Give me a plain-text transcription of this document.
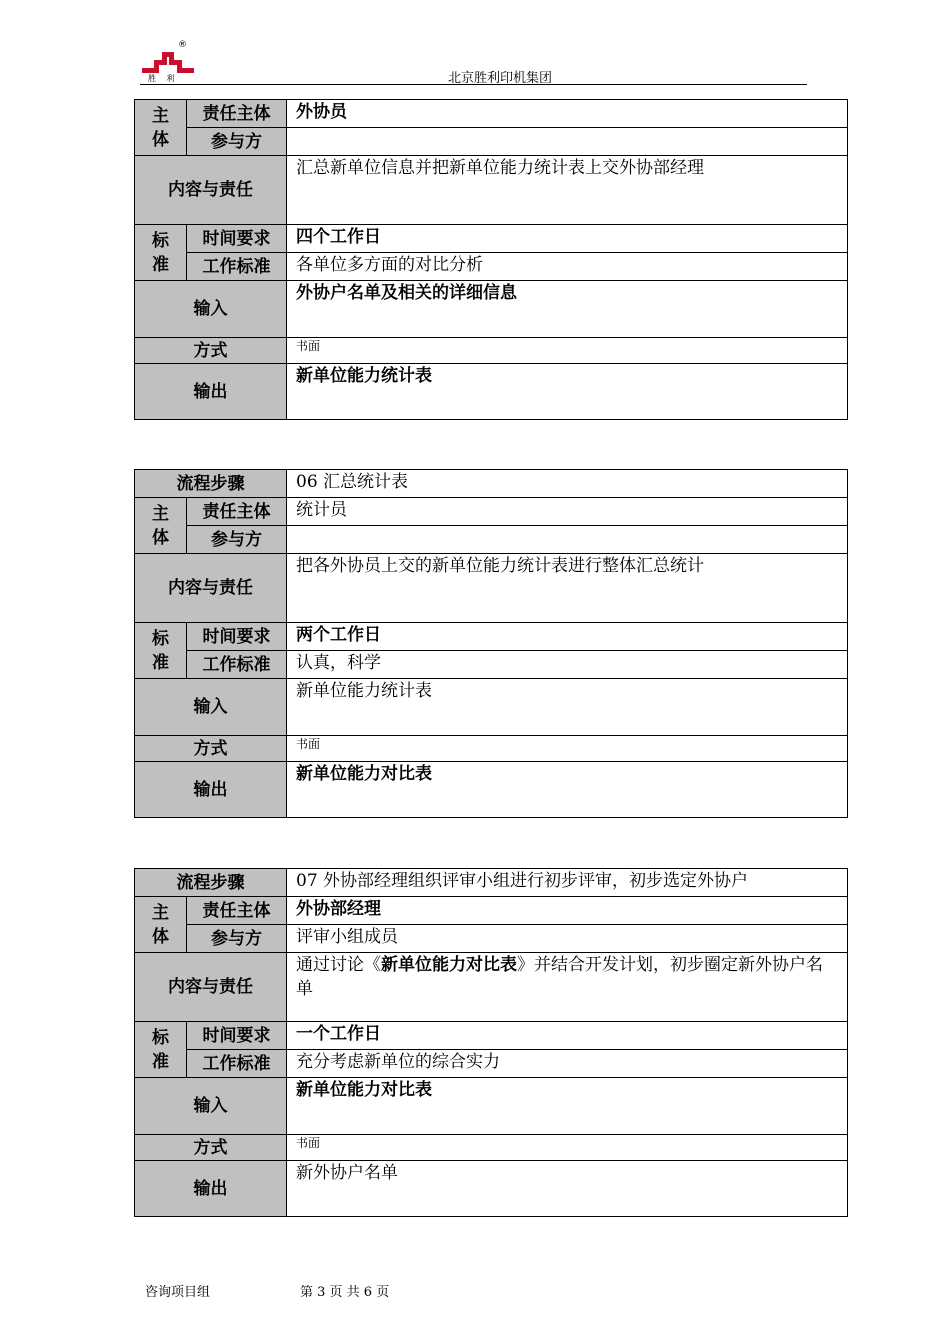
®
胜 利	北京胜利印机集团
主
体	责任主体	外协员
	参与方	
内容与责任		汇总新单位信息并把新单位能力统计表上交外协部经理
标
准	时间要求	四个工作日
	工作标准	各单位多方面的对比分析
输入		外协户名单及相关的详细信息
方式		书面
输出		新单位能力统计表
流程步骤		06 汇总统计表
主
体	责任主体	统计员
	参与方	
内容与责任		把各外协员上交的新单位能力统计表进行整体汇总统计
标
准	时间要求	两个工作日
	工作标准	认真，科学
输入		新单位能力统计表
方式		书面
输出		新单位能力对比表
流程步骤		07 外协部经理组织评审小组进行初步评审，初步选定外协户
主
体	责任主体	外协部经理
	参与方	评审小组成员
内容与责任		通过讨论《新单位能力对比表》并结合开发计划，初步圈定新外协户名单
标
准	时间要求	一个工作日
	工作标准	充分考虑新单位的综合实力
输入		新单位能力对比表
方式		书面
输出		新外协户名单
咨询项目组	第 3 页 共 6 页
